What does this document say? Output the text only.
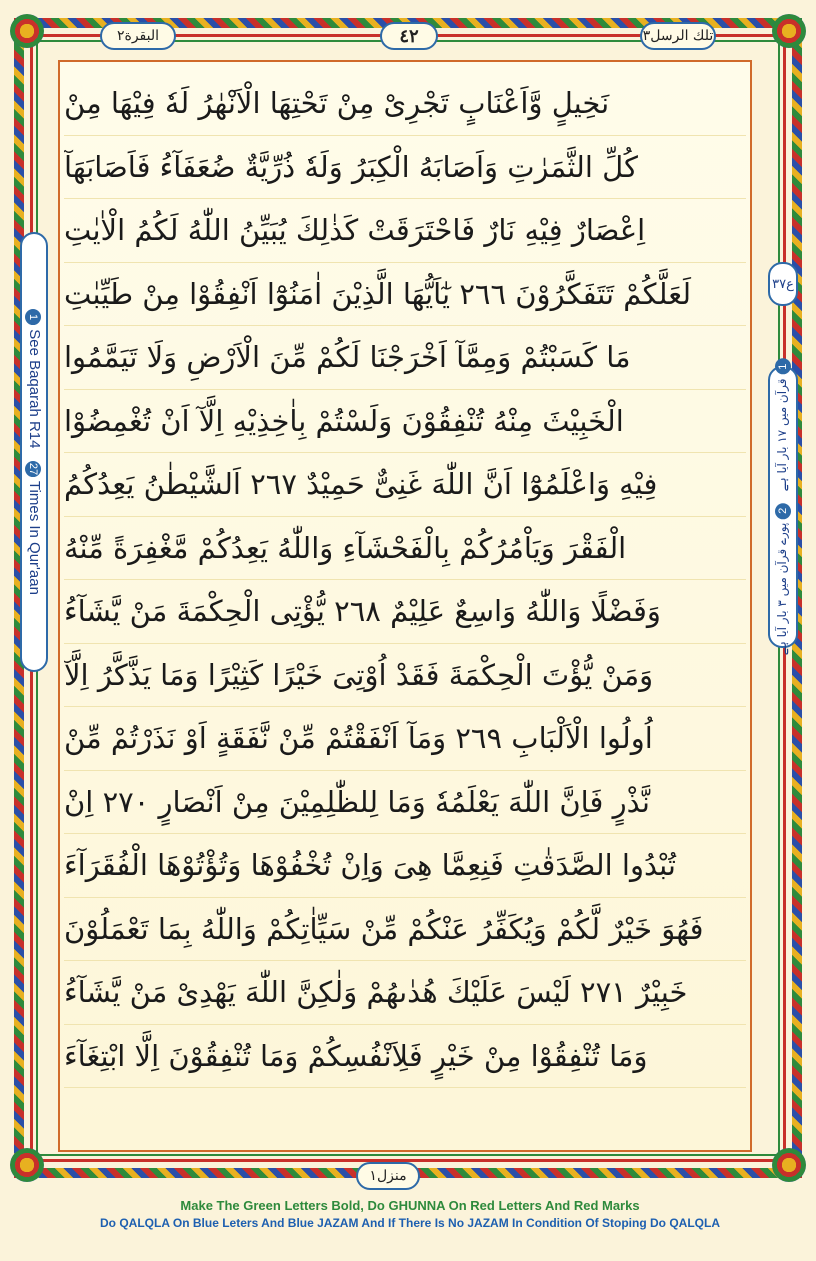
البقرة٢	٤٢	تلك الرسل٣
نَخِيلٍ وَّاَعْنَابٍ تَجْرِىْ مِنْ تَحْتِهَا الْاَنْهٰرُ لَهٗ فِيْهَا مِنْ
كُلِّ الثَّمَرٰتِ وَاَصَابَهُ الْكِبَرُ وَلَهٗ ذُرِّيَّةٌ ضُعَفَآءُ فَاَصَابَهَآ
اِعْصَارٌ فِيْهِ نَارٌ فَاحْتَرَقَتْ كَذٰلِكَ يُبَيِّنُ اللّٰهُ لَكُمُ الْاٰيٰتِ
لَعَلَّكُمْ تَتَفَكَّرُوْنَ ٢٦٦ يٰٓاَيُّهَا الَّذِيْنَ اٰمَنُوْٓا اَنْفِقُوْا مِنْ طَيِّبٰتِ
مَا كَسَبْتُمْ وَمِمَّآ اَخْرَجْنَا لَكُمْ مِّنَ الْاَرْضِ وَلَا تَيَمَّمُوا
الْخَبِيْثَ مِنْهُ تُنْفِقُوْنَ وَلَسْتُمْ بِاٰخِذِيْهِ اِلَّآ اَنْ تُغْمِضُوْا
فِيْهِ وَاعْلَمُوْٓا اَنَّ اللّٰهَ غَنِىٌّ حَمِيْدٌ ٢٦٧ اَلشَّيْطٰنُ يَعِدُكُمُ
الْفَقْرَ وَيَاْمُرُكُمْ بِالْفَحْشَآءِ وَاللّٰهُ يَعِدُكُمْ مَّغْفِرَةً مِّنْهُ
وَفَضْلًا وَاللّٰهُ وَاسِعٌ عَلِيْمٌ ٢٦٨ يُّؤْتِى الْحِكْمَةَ مَنْ يَّشَآءُ
وَمَنْ يُّؤْتَ الْحِكْمَةَ فَقَدْ اُوْتِىَ خَيْرًا كَثِيْرًا وَمَا يَذَّكَّرُ اِلَّآ
اُولُوا الْاَلْبَابِ ٢٦٩ وَمَآ اَنْفَقْتُمْ مِّنْ نَّفَقَةٍ اَوْ نَذَرْتُمْ مِّنْ
نَّذْرٍ فَاِنَّ اللّٰهَ يَعْلَمُهٗ وَمَا لِلظّٰلِمِيْنَ مِنْ اَنْصَارٍ ٢٧٠ اِنْ
تُبْدُوا الصَّدَقٰتِ فَنِعِمَّا هِىَ وَاِنْ تُخْفُوْهَا وَتُؤْتُوْهَا الْفُقَرَآءَ
فَهُوَ خَيْرٌ لَّكُمْ وَيُكَفِّرُ عَنْكُمْ مِّنْ سَيِّاٰتِكُمْ وَاللّٰهُ بِمَا تَعْمَلُوْنَ
خَبِيْرٌ ٢٧١ لَيْسَ عَلَيْكَ هُدٰىهُمْ وَلٰكِنَّ اللّٰهَ يَهْدِىْ مَنْ يَّشَآءُ
وَمَا تُنْفِقُوْا مِنْ خَيْرٍ فَلِاَنْفُسِكُمْ وَمَا تُنْفِقُوْنَ اِلَّا ابْتِغَآءَ
1 See Baqarah R14   27 Times In Qur'aan
ع٣٧
1 قرآن میں ۱۷ بار آیا ہے   2 پورے قرآن میں ۳ بار آیا ہے
منزل١
Make The Green Letters Bold, Do GHUNNA On Red Letters And Red Marks
Do QALQLA On Blue Leters And Blue JAZAM And If There Is No JAZAM In Condition Of Stoping Do QALQLA
